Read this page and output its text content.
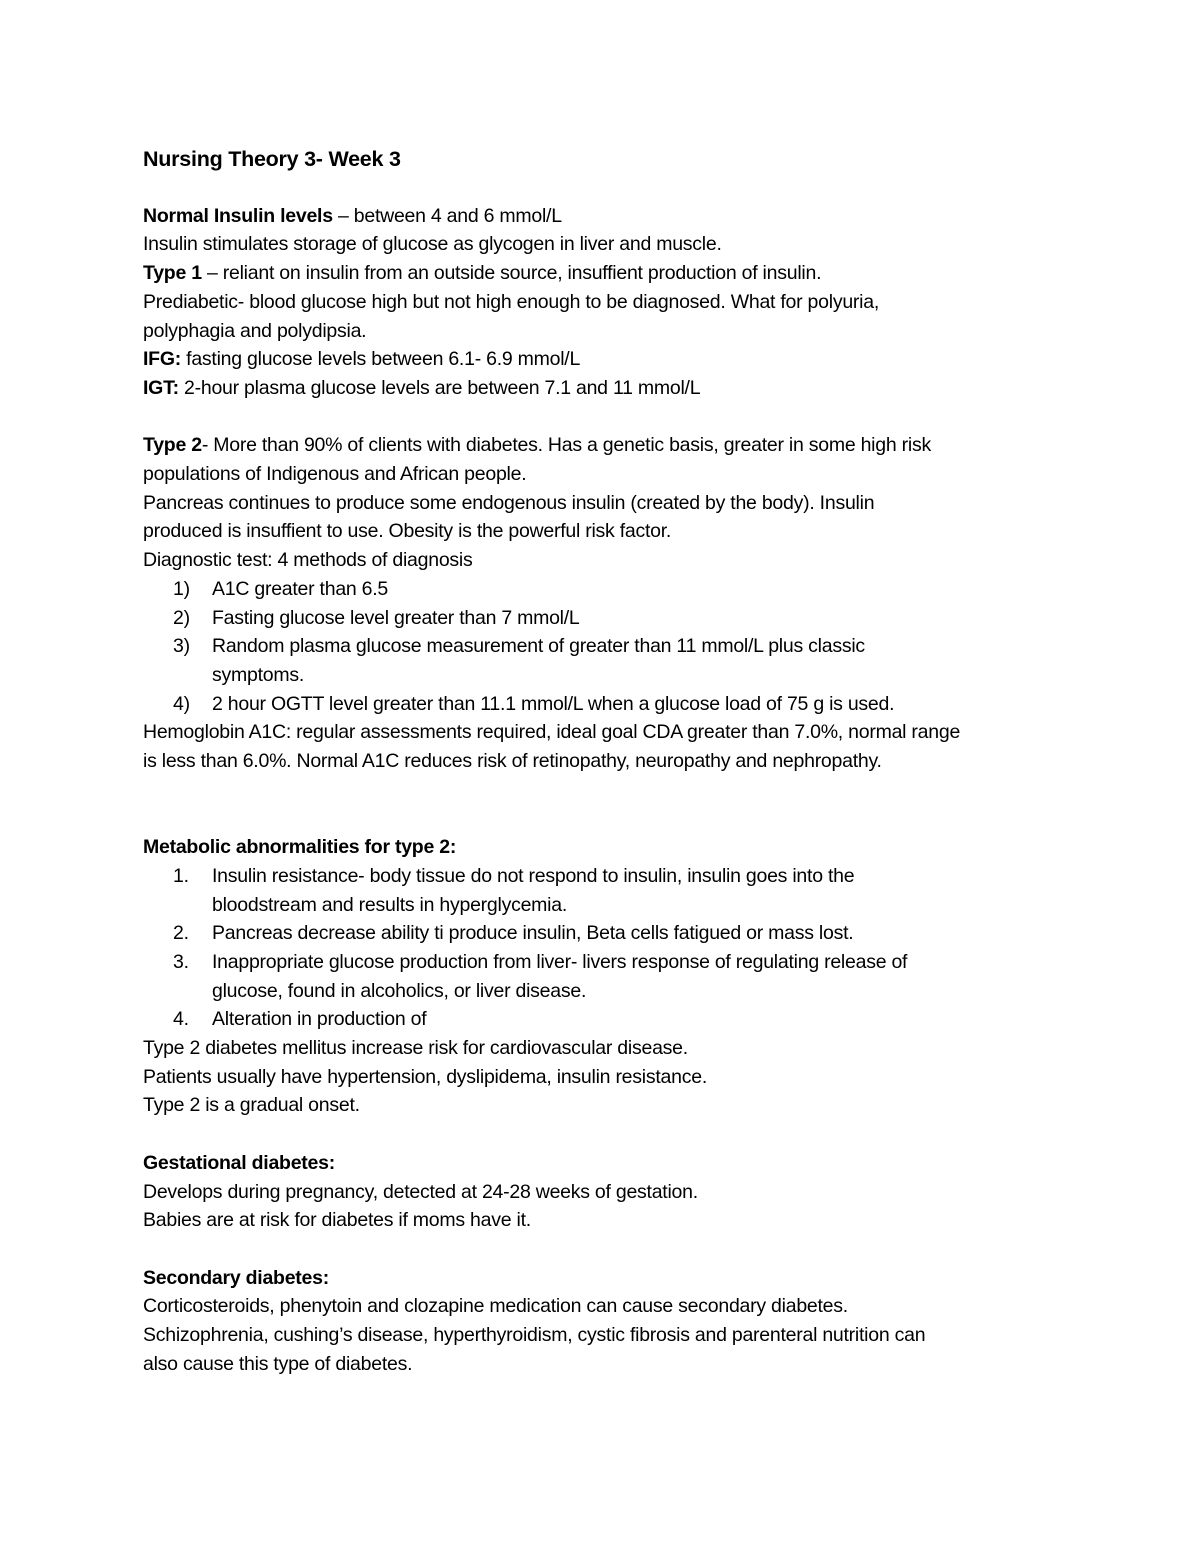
Nursing Theory 3- Week 3
Normal Insulin levels – between 4 and 6 mmol/L
Insulin stimulates storage of glucose as glycogen in liver and muscle.
Type 1 – reliant on insulin from an outside source, insuffient production of insulin.
Prediabetic- blood glucose high but not high enough to be diagnosed. What for polyuria,
polyphagia and polydipsia.
IFG: fasting glucose levels between 6.1- 6.9 mmol/L
IGT: 2-hour plasma glucose levels are between 7.1 and 11 mmol/L
Type 2- More than 90% of clients with diabetes. Has a genetic basis, greater in some high risk
populations of Indigenous and African people.
Pancreas continues to produce some endogenous insulin (created by the body). Insulin
produced is insuffient to use. Obesity is the powerful risk factor.
Diagnostic test: 4 methods of diagnosis
1) A1C greater than 6.5
2) Fasting glucose level greater than 7 mmol/L
3) Random plasma glucose measurement of greater than 11 mmol/L plus classic
symptoms.
4) 2 hour OGTT level greater than 11.1 mmol/L when a glucose load of 75 g is used.
Hemoglobin A1C: regular assessments required, ideal goal CDA greater than 7.0%, normal range
is less than 6.0%. Normal A1C reduces risk of retinopathy, neuropathy and nephropathy.
Metabolic abnormalities for type 2:
1. Insulin resistance- body tissue do not respond to insulin, insulin goes into the
bloodstream and results in hyperglycemia.
2. Pancreas decrease ability ti produce insulin, Beta cells fatigued or mass lost.
3. Inappropriate glucose production from liver- livers response of regulating release of
glucose, found in alcoholics, or liver disease.
4. Alteration in production of
Type 2 diabetes mellitus increase risk for cardiovascular disease.
Patients usually have hypertension, dyslipidema, insulin resistance.
Type 2 is a gradual onset.
Gestational diabetes:
Develops during pregnancy, detected at 24-28 weeks of gestation.
Babies are at risk for diabetes if moms have it.
Secondary diabetes:
Corticosteroids, phenytoin and clozapine medication can cause secondary diabetes.
Schizophrenia, cushing’s disease, hyperthyroidism, cystic fibrosis and parenteral nutrition can
also cause this type of diabetes.
